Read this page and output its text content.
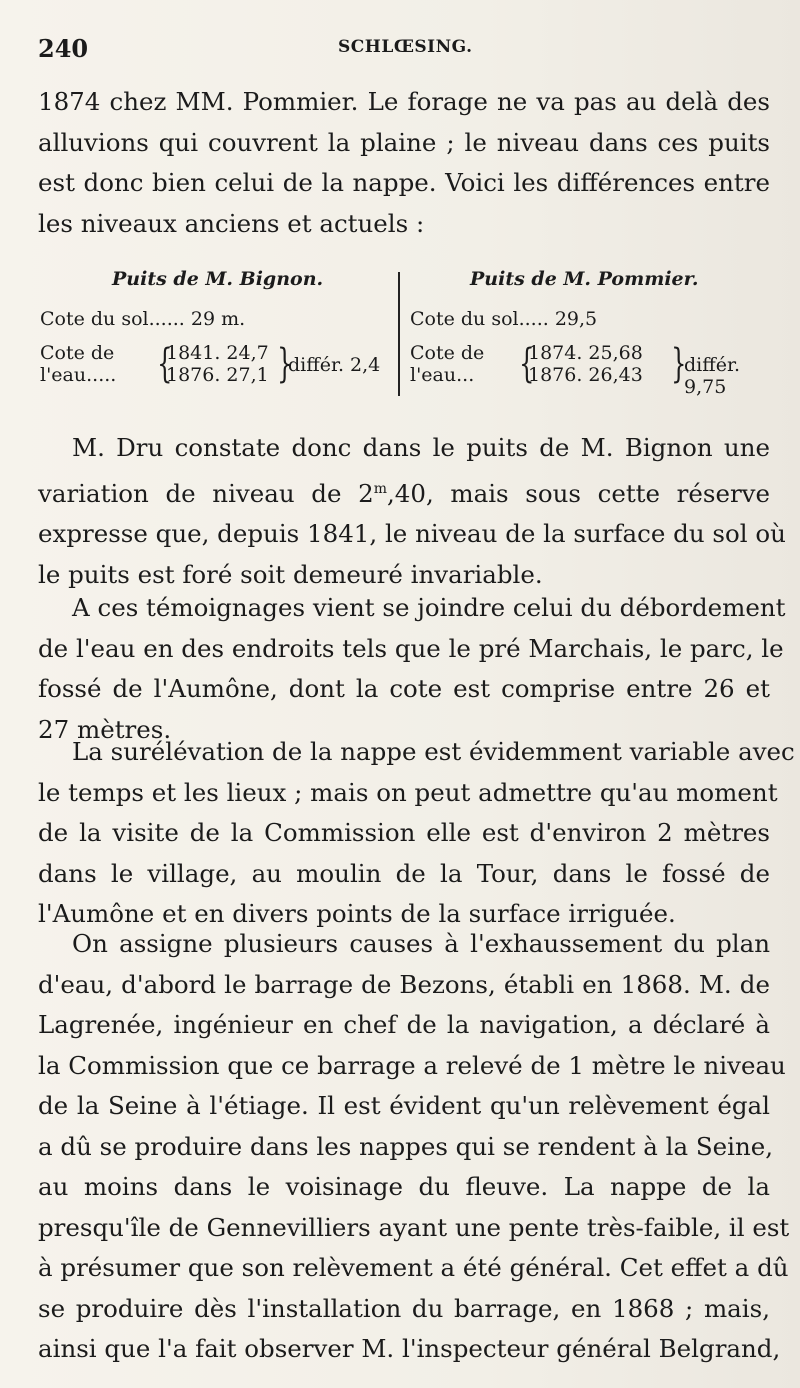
240	SCHLŒSING.
1874 chez MM. Pommier. Le forage ne va pas au delà des
alluvions qui couvrent la plaine ; le niveau dans ces puits
est donc bien celui de la nappe. Voici les différences entre
les niveaux anciens et actuels :
Puits de M. Bignon.
Cote du sol...... 29 m.
Cote de
l'eau..... {
1841. 24,7
1876. 27,1 {
différ. 2,4
Puits de M. Pommier.
Cote du sol..... 29,5
Cote de
l'eau... {
1874. 25,68
1876. 26,43 {
différ. 9,75
M. Dru constate donc dans le puits de M. Bignon une
variation de niveau de 2$^m$,40, mais sous cette réserve
expresse que, depuis 1841, le niveau de la surface du sol où
le puits est foré soit demeuré invariable.
A ces témoignages vient se joindre celui du débordement
de l'eau en des endroits tels que le pré Marchais, le parc, le
fossé de l'Aumône, dont la cote est comprise entre 26 et
27 mètres.
La surélévation de la nappe est évidemment variable avec
le temps et les lieux ; mais on peut admettre qu'au moment
de la visite de la Commission elle est d'environ 2 mètres
dans le village, au moulin de la Tour, dans le fossé de
l'Aumône et en divers points de la surface irriguée.
On assigne plusieurs causes à l'exhaussement du plan
d'eau, d'abord le barrage de Bezons, établi en 1868. M. de
Lagrenée, ingénieur en chef de la navigation, a déclaré à
la Commission que ce barrage a relevé de 1 mètre le niveau
de la Seine à l'étiage. Il est évident qu'un relèvement égal
a dû se produire dans les nappes qui se rendent à la Seine,
au moins dans le voisinage du fleuve. La nappe de la
presqu'île de Gennevilliers ayant une pente très-faible, il est
à présumer que son relèvement a été général. Cet effet a dû
se produire dès l'installation du barrage, en 1868 ; mais,
ainsi que l'a fait observer M. l'inspecteur général Belgrand,
